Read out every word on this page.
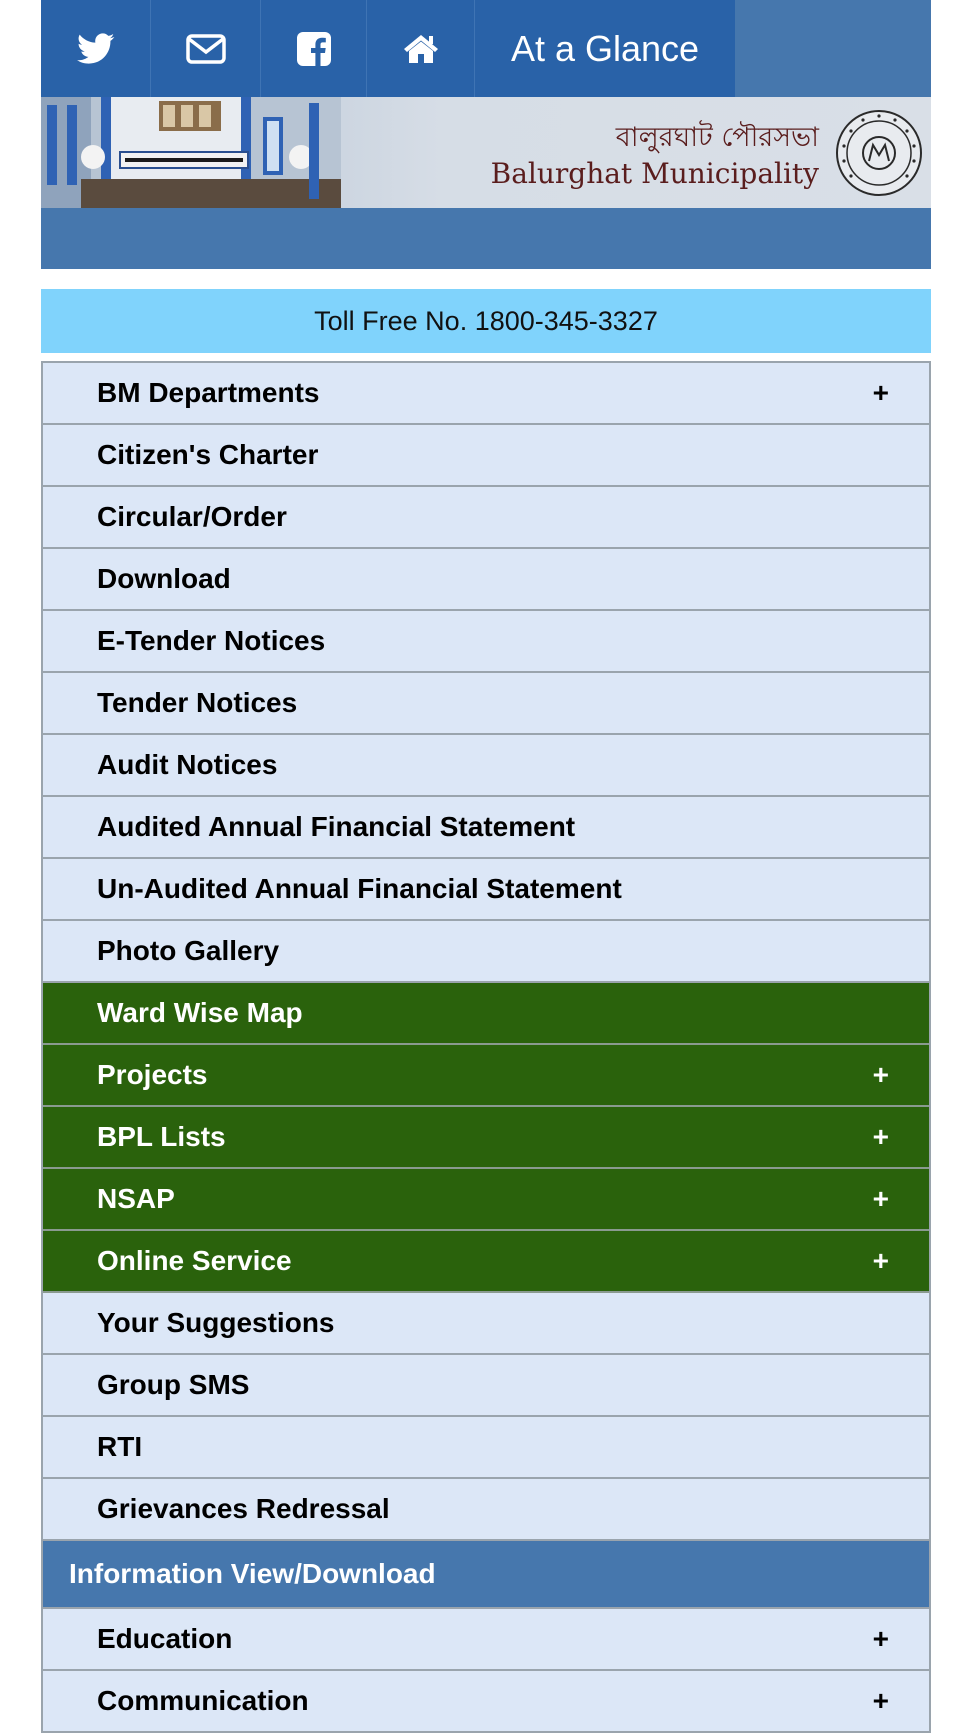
At a Glance
বালুরঘাট পৌরসভা
Balurghat Municipality
Toll Free No. 1800-345-3327
BM Departments	+
Citizen's Charter
Circular/Order
Download
E-Tender Notices
Tender Notices
Audit Notices
Audited Annual Financial Statement
Un-Audited Annual Financial Statement
Photo Gallery
Ward Wise Map
Projects	+
BPL Lists	+
NSAP	+
Online Service	+
Your Suggestions
Group SMS
RTI
Grievances Redressal
Information View/Download
Education	+
Communication	+
